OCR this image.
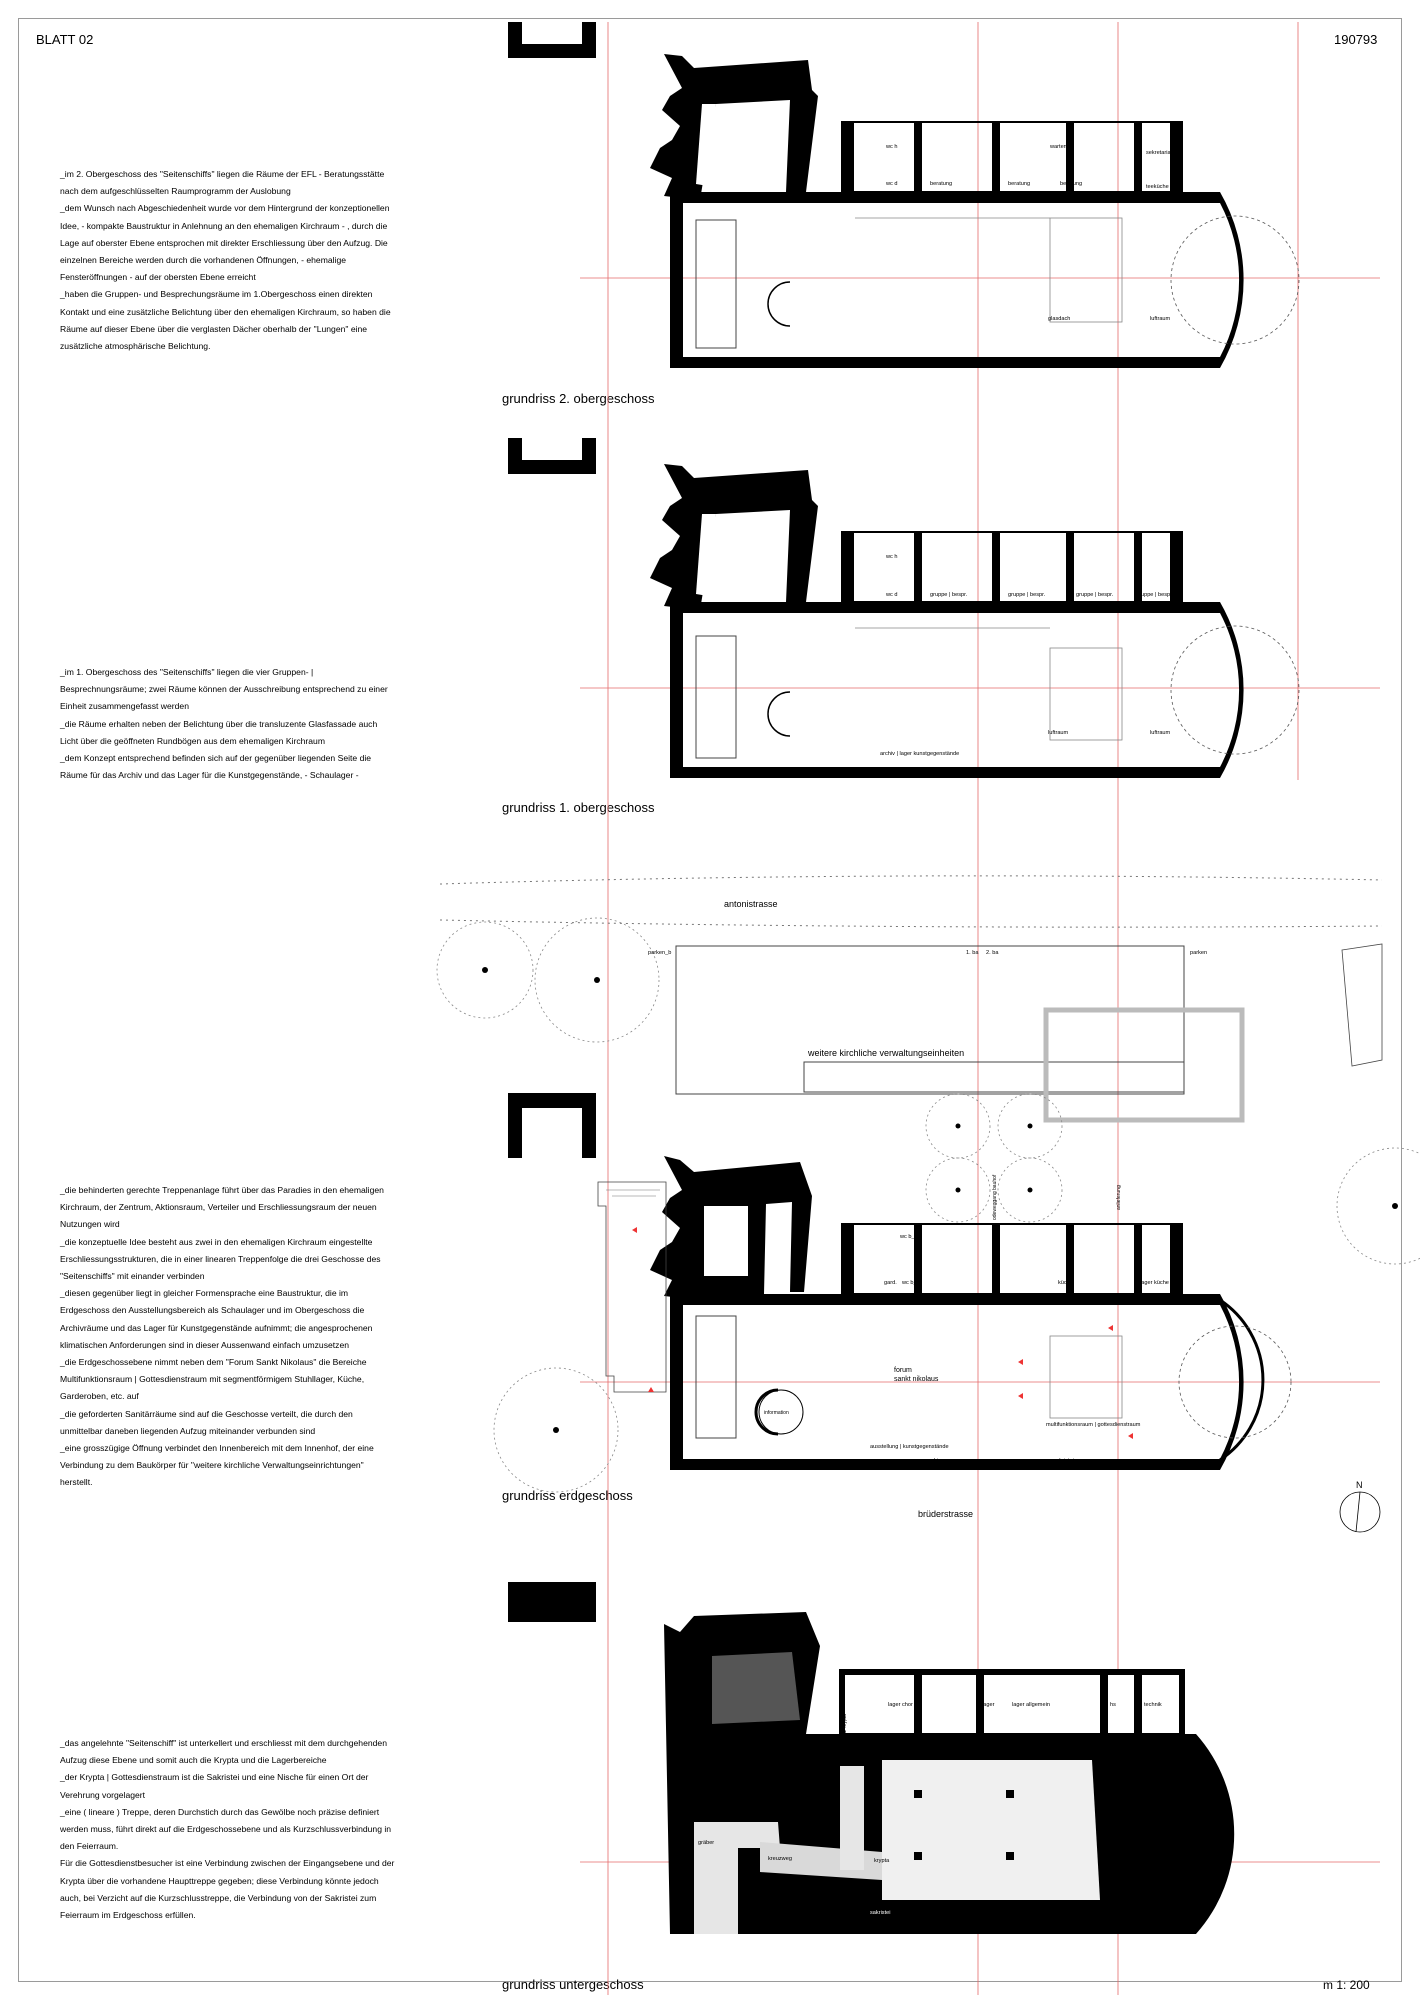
BLATT 02	190793

_im 2. Obergeschoss des "Seitenschiffs" liegen die Räume der EFL - Beratungsstätte nach dem aufgeschlüsselten Raumprogramm der Auslobung

_dem Wunsch nach Abgeschiedenheit wurde vor dem Hintergrund der konzeptionellen Idee, - kompakte Baustruktur in Anlehnung an den ehemaligen Kirchraum - , durch die Lage auf oberster Ebene entsprochen mit direkter Erschliessung über den Aufzug. Die einzelnen Bereiche werden durch die vorhandenen Öffnungen, - ehemalige Fensteröffnungen - auf der obersten Ebene erreicht

_haben die Gruppen- und Besprechungsräume im 1.Obergeschoss einen direkten Kontakt und eine zusätzliche Belichtung über den ehemaligen Kirchraum, so haben die Räume auf dieser Ebene über die verglasten Dächer oberhalb der "Lungen" eine zusätzliche atmosphärische Belichtung.

_im 1. Obergeschoss des "Seitenschiffs" liegen die vier Gruppen- | Besprechnungsräume; zwei Räume können der Ausschreibung entsprechend zu einer Einheit zusammengefasst werden

_die Räume erhalten neben der Belichtung über die transluzente Glasfassade auch Licht über die geöffneten Rundbögen aus dem ehemaligen Kirchraum

_dem Konzept entsprechend befinden sich auf der gegenüber liegenden Seite die Räume für das Archiv und das Lager für die Kunstgegenstände, - Schaulager -

_die behinderten gerechte Treppenanlage führt über das Paradies in den ehemaligen Kirchraum, der Zentrum, Aktionsraum, Verteiler und Erschliessungsraum der neuen Nutzungen wird

_die konzeptuelle Idee besteht aus zwei in den ehemaligen Kirchraum eingestellte Erschliessungsstrukturen, die in einer linearen Treppenfolge die drei Geschosse des "Seitenschiffs" mit einander verbinden

_diesen gegenüber liegt in gleicher Formensprache eine Baustruktur, die im Erdgeschoss den Ausstellungsbereich als Schaulager und im Obergeschoss die Archivräume und das Lager für Kunstgegenstände aufnimmt; die angesprochenen klimatischen Anforderungen sind in dieser Aussenwand einfach umzusetzen

_die Erdgeschossebene nimmt neben dem "Forum Sankt Nikolaus" die Bereiche Multifunktionsraum | Gottesdienstraum mit segmentförmigem Stuhllager, Küche, Garderoben, etc. auf

_die geforderten Sanitärräume sind auf die Geschosse verteilt, die durch den unmittelbar daneben liegenden Aufzug miteinander verbunden sind

_eine grosszügige Öffnung verbindet den Innenbereich mit dem Innenhof, der eine Verbindung zu dem Baukörper für "weitere kirchliche Verwaltungseinrichtungen" herstellt.

_das angelehnte "Seitenschiff" ist unterkellert und erschliesst mit dem durchgehenden Aufzug diese Ebene und somit auch die Krypta und die Lagerbereiche

_der Krypta | Gottesdienstraum ist die Sakristei und eine Nische für einen Ort der Verehrung vorgelagert

_eine ( lineare ) Treppe, deren Durchstich durch das Gewölbe noch präzise definiert werden muss, führt direkt auf die Erdgeschossebene und als Kurzschlussverbindung in den Feierraum.

Für die Gottesdienstbesucher ist eine Verbindung zwischen der Eingangsebene und der Krypta über die vorhandene Haupttreppe gegeben; diese Verbindung könnte jedoch auch, bei Verzicht auf die Kurzschlusstreppe, die Verbindung von der Sakristei zum Feierraum im Erdgeschoss erfüllen.

grundriss 2. obergeschoss
grundriss 1. obergeschoss
grundriss erdgeschoss
grundriss untergeschoss	m 1: 200
wc h	warten
sekretariat
wc d	beratung	beratung	beratung	teeküche
glasdach	luftraum
wc h
wc d	gruppe | bespr.	gruppe | bespr.	gruppe | bespr.	gruppe | bespr.
luftraum	luftraum
archiv | lager kunstgegenstände
zur ausstellung
wc b_d
gard. wc b_h	lager küche
küche
garderoben	garderoben
forum
sankt nikolaus
information
multifunktionsraum | gottesdienstraum
ausstellung | kunstgegenstände
zur krypta
zum archiv	zur sakristei
antonistrasse
brüderstrasse
weitere kirchliche verwaltungseinheiten
parken_b	parken
1. ba 2. ba
anlieferung
odeweggang bauhof
N
lager chor	lager	lager allgemein	hs	technik
gräber
kreuzweg	krypta
sakristei
zur krypta
